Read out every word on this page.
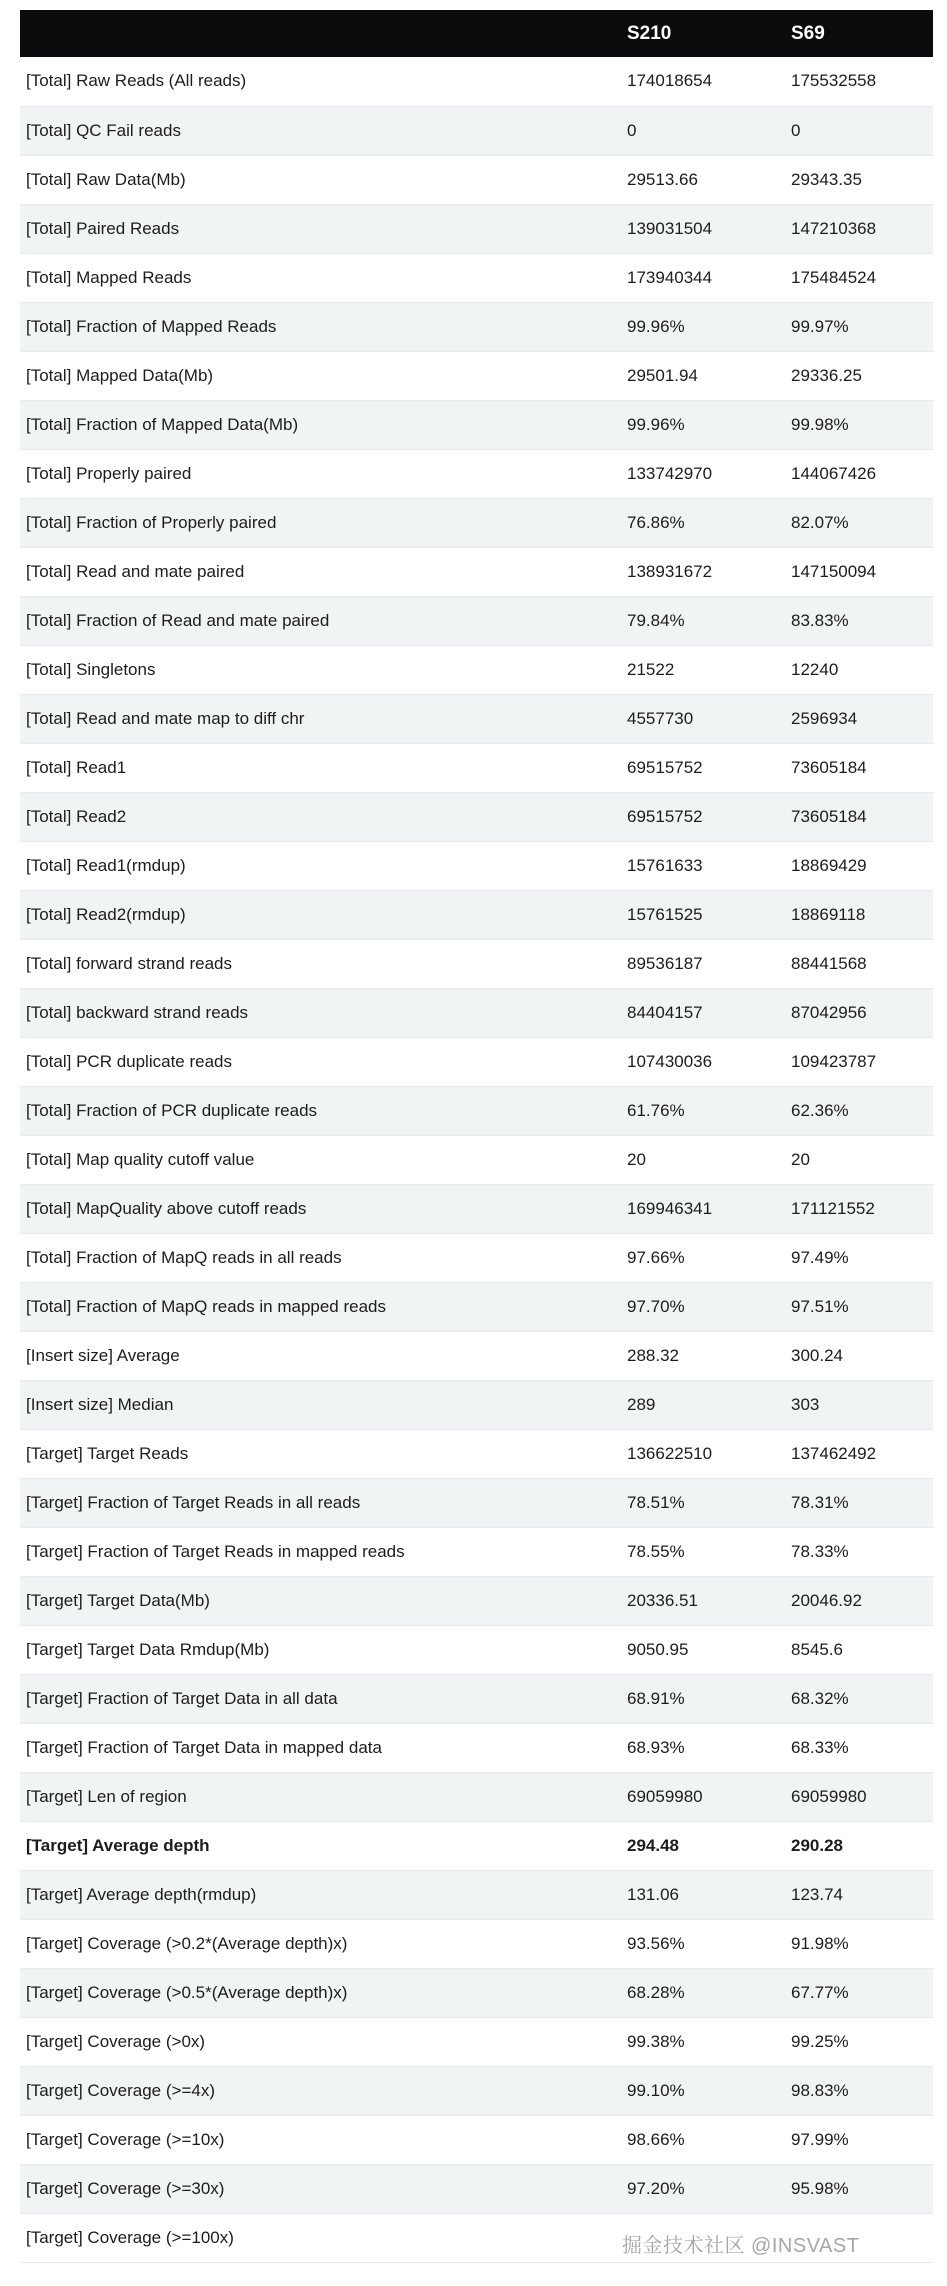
	S210	S69
[Total] Raw Reads (All reads)	174018654	175532558
[Total] QC Fail reads	0	0
[Total] Raw Data(Mb)	29513.66	29343.35
[Total] Paired Reads	139031504	147210368
[Total] Mapped Reads	173940344	175484524
[Total] Fraction of Mapped Reads	99.96%	99.97%
[Total] Mapped Data(Mb)	29501.94	29336.25
[Total] Fraction of Mapped Data(Mb)	99.96%	99.98%
[Total] Properly paired	133742970	144067426
[Total] Fraction of Properly paired	76.86%	82.07%
[Total] Read and mate paired	138931672	147150094
[Total] Fraction of Read and mate paired	79.84%	83.83%
[Total] Singletons	21522	12240
[Total] Read and mate map to diff chr	4557730	2596934
[Total] Read1	69515752	73605184
[Total] Read2	69515752	73605184
[Total] Read1(rmdup)	15761633	18869429
[Total] Read2(rmdup)	15761525	18869118
[Total] forward strand reads	89536187	88441568
[Total] backward strand reads	84404157	87042956
[Total] PCR duplicate reads	107430036	109423787
[Total] Fraction of PCR duplicate reads	61.76%	62.36%
[Total] Map quality cutoff value	20	20
[Total] MapQuality above cutoff reads	169946341	171121552
[Total] Fraction of MapQ reads in all reads	97.66%	97.49%
[Total] Fraction of MapQ reads in mapped reads	97.70%	97.51%
[Insert size] Average	288.32	300.24
[Insert size] Median	289	303
[Target] Target Reads	136622510	137462492
[Target] Fraction of Target Reads in all reads	78.51%	78.31%
[Target] Fraction of Target Reads in mapped reads	78.55%	78.33%
[Target] Target Data(Mb)	20336.51	20046.92
[Target] Target Data Rmdup(Mb)	9050.95	8545.6
[Target] Fraction of Target Data in all data	68.91%	68.32%
[Target] Fraction of Target Data in mapped data	68.93%	68.33%
[Target] Len of region	69059980	69059980
[Target] Average depth	294.48	290.28
[Target] Average depth(rmdup)	131.06	123.74
[Target] Coverage (>0.2*(Average depth)x)	93.56%	91.98%
[Target] Coverage (>0.5*(Average depth)x)	68.28%	67.77%
[Target] Coverage (>0x)	99.38%	99.25%
[Target] Coverage (>=4x)	99.10%	98.83%
[Target] Coverage (>=10x)	98.66%	97.99%
[Target] Coverage (>=30x)	97.20%	95.98%
[Target] Coverage (>=100x)			掘金技术社区 @INSVAST
